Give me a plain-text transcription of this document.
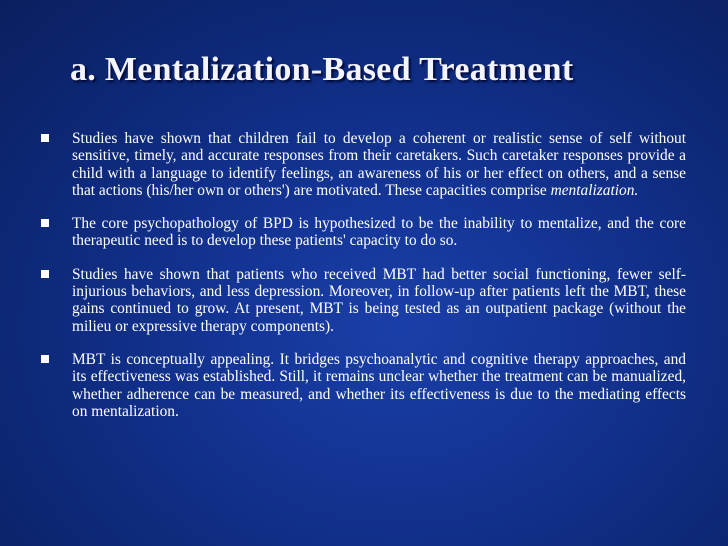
a. Mentalization-Based Treatment
Studies have shown that children fail to develop a coherent or realistic sense of self without sensitive, timely, and accurate responses from their caretakers. Such caretaker responses provide a child with a language to identify feelings, an awareness of his or her effect on others, and a sense that actions (his/her own or others') are motivated. These capacities comprise mentalization.
The core psychopathology of BPD is hypothesized to be the inability to mentalize, and the core therapeutic need is to develop these patients' capacity to do so.
Studies have shown that patients who received MBT had better social functioning, fewer self-injurious behaviors, and less depression. Moreover, in follow-up after patients left the MBT, these gains continued to grow. At present, MBT is being tested as an outpatient package (without the milieu or expressive therapy components).
MBT is conceptually appealing. It bridges psychoanalytic and cognitive therapy approaches, and its effectiveness was established. Still, it remains unclear whether the treatment can be manualized, whether adherence can be measured, and whether its effectiveness is due to the mediating effects on mentalization.
